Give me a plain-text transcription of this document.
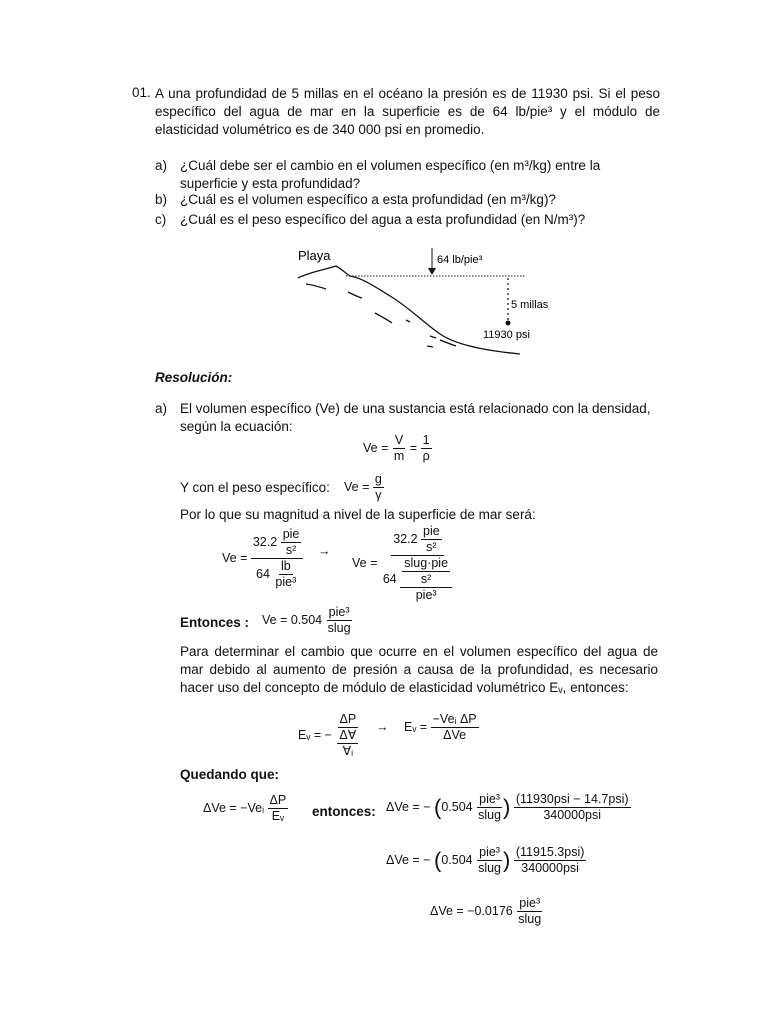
01. A una profundidad de 5 millas en el océano la presión es de 11930 psi. Si el peso específico del agua de mar en la superficie es de 64 lb/pie³ y el módulo de elasticidad volumétrico es de 340 000 psi en promedio.
a) ¿Cuál debe ser el cambio en el volumen específico (en m³/kg) entre la superficie y esta profundidad?
b) ¿Cuál es el volumen específico a esta profundidad (en m³/kg)?
c) ¿Cuál es el peso específico del agua a esta profundidad (en N/m³)?
Playa	64 lb/pie³
5 millas
11930 psi
Resolución:
a) El volumen específico (Ve) de una sustancia está relacionado con la densidad, según la ecuación:
$Ve = \frac{V}{m} = \frac{1}{\rho}$
Y con el peso específico: $Ve = \frac{g}{\gamma}$
Por lo que su magnitud a nivel de la superficie de mar será:
$Ve = \frac{32.2 \frac{\text{pie}}{\text{s²}}}{64 \frac{lb}{\text{pie³}}}$ →
$Ve = \frac{32.2 \frac{\text{pie}}{\text{s²}}}{64 \frac{\frac{\text{slug·pie}}{\text{s²}}}{\text{pie³}}}$
Entonces : $Ve = 0.504 \frac{\text{pie³}}{\text{slug}}$
Para determinar el cambio que ocurre en el volumen específico del agua de mar debido al aumento de presión a causa de la profundidad, es necesario hacer uso del concepto de módulo de elasticidad volumétrico Eᵥ, entonces:
Eᵥ = − $\frac{\Delta P}{\frac{\Delta\forall}{\text{∀ᵢ}}}$ → Eᵥ = $\frac{\text{−Veᵢ ΔP}}{\text{ΔVe}}$
Quedando que:
ΔVe = −Veᵢ $\frac{\Delta P}{\text{Eᵥ}}$ entonces: ΔVe = − ($0.504 \frac{\text{pie³}}{\text{slug}}$ ) $\frac{\text{(11930psi − 14.7psi)}}{\text{340000psi}}$
ΔVe = − ($0.504 \frac{\text{pie³}}{\text{slug}}$ ) $\frac{\text{(11915.3psi)}}{\text{340000psi}}$
$\Delta Ve = -0.0176 \frac{\text{pie³}}{\text{slug}}$
